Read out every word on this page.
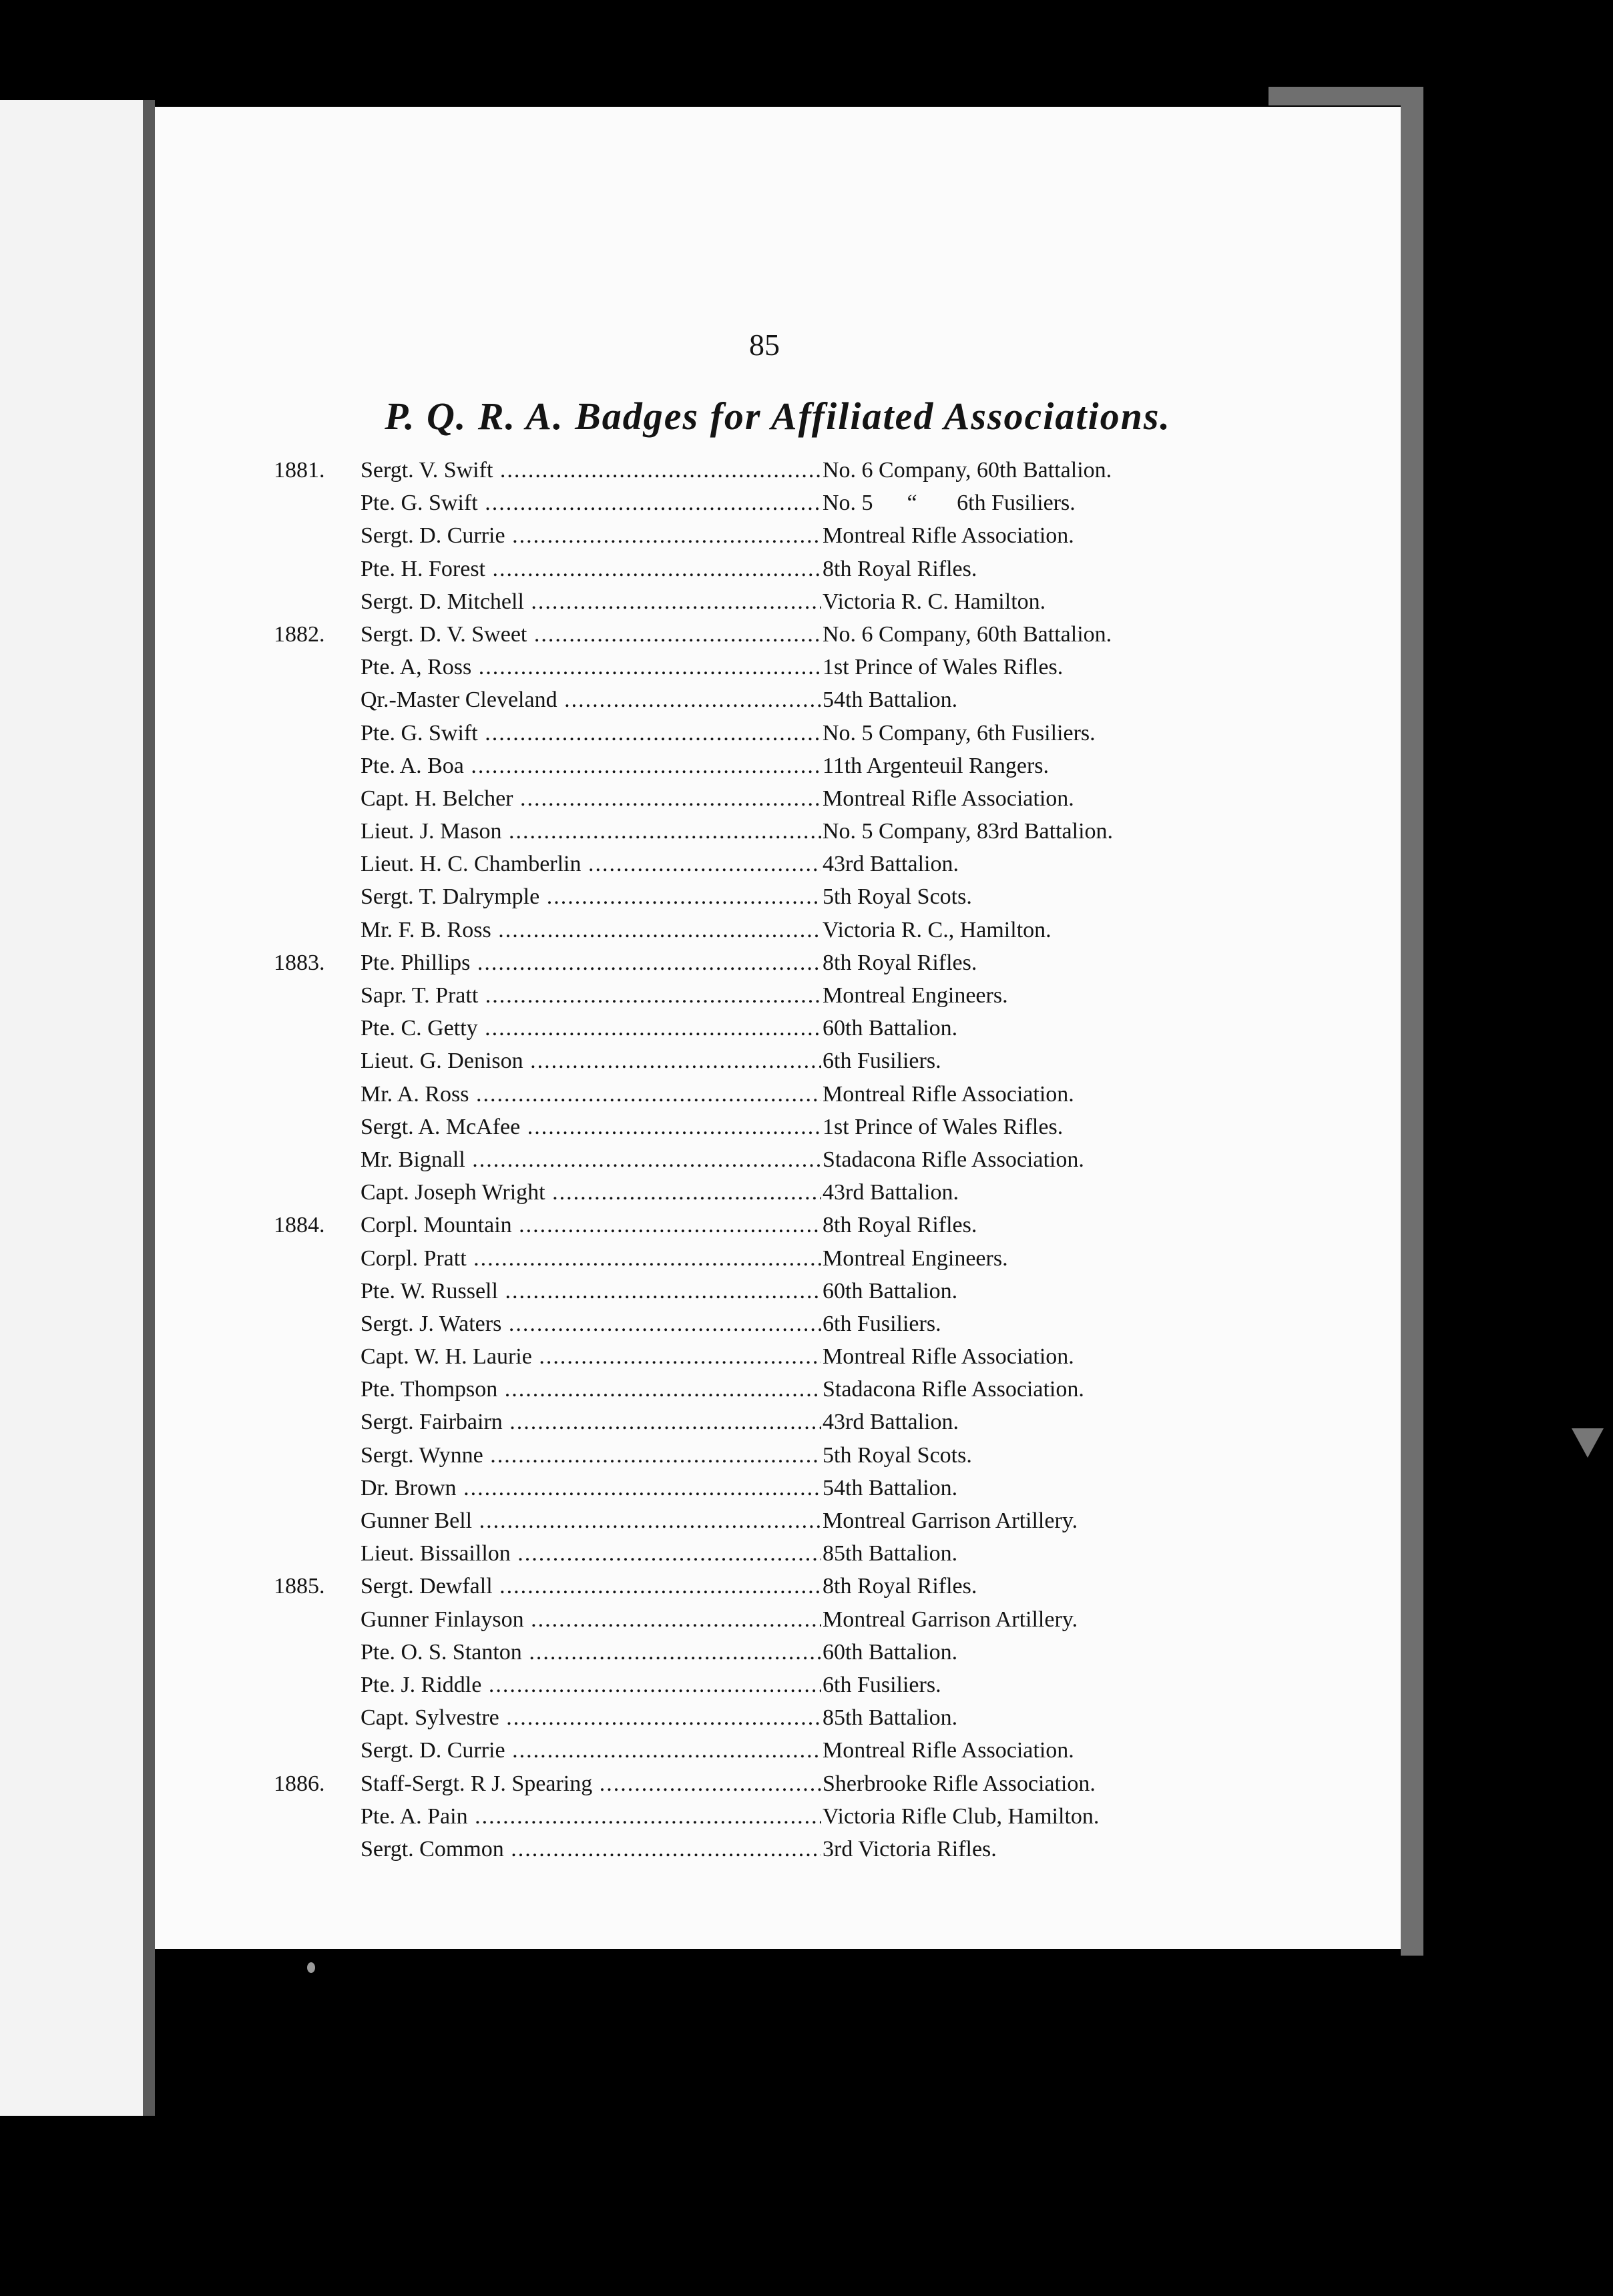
85
P. Q. R. A. Badges for Affiliated Associations.
1881.	Sergt. V. Swift .....	No. 6 Company, 60th Battalion.
Pte. G. Swift .....	No. 5      “       6th Fusiliers.
Sergt. D. Currie .....	Montreal Rifle Association.
Pte. H. Forest .....	8th Royal Rifles.
Sergt. D. Mitchell .....	Victoria R. C. Hamilton.
1882.	Sergt. D. V. Sweet .....	No. 6 Company, 60th Battalion.
Pte. A, Ross .....	1st Prince of Wales Rifles.
Qr.-Master Cleveland .....	54th Battalion.
Pte. G. Swift .....	No. 5 Company, 6th Fusiliers.
Pte. A. Boa .....	11th Argenteuil Rangers.
Capt. H. Belcher .....	Montreal Rifle Association.
Lieut. J. Mason .....	No. 5 Company, 83rd Battalion.
Lieut. H. C. Chamberlin .....	43rd Battalion.
Sergt. T. Dalrymple .....	5th Royal Scots.
Mr. F. B. Ross .....	Victoria R. C., Hamilton.
1883.	Pte. Phillips .....	8th Royal Rifles.
Sapr. T. Pratt .....	Montreal Engineers.
Pte. C. Getty .....	60th Battalion.
Lieut. G. Denison .....	6th Fusiliers.
Mr. A. Ross .....	Montreal Rifle Association.
Sergt. A. McAfee .....	1st Prince of Wales Rifles.
Mr. Bignall .....	Stadacona Rifle Association.
Capt. Joseph Wright .....	43rd Battalion.
1884.	Corpl. Mountain .....	8th Royal Rifles.
Corpl. Pratt .....	Montreal Engineers.
Pte. W. Russell .....	60th Battalion.
Sergt. J. Waters .....	6th Fusiliers.
Capt. W. H. Laurie .....	Montreal Rifle Association.
Pte. Thompson .....	Stadacona Rifle Association.
Sergt. Fairbairn .....	43rd Battalion.
Sergt. Wynne .....	5th Royal Scots.
Dr. Brown .....	54th Battalion.
Gunner Bell .....	Montreal Garrison Artillery.
Lieut. Bissaillon .....	85th Battalion.
1885.	Sergt. Dewfall .....	8th Royal Rifles.
Gunner Finlayson .....	Montreal Garrison Artillery.
Pte. O. S. Stanton .....	60th Battalion.
Pte. J. Riddle .....	6th Fusiliers.
Capt. Sylvestre .....	85th Battalion.
Sergt. D. Currie .....	Montreal Rifle Association.
1886.	Staff-Sergt. R J. Spearing .....	Sherbrooke Rifle Association.
Pte. A. Pain .....	Victoria Rifle Club, Hamilton.
Sergt. Common .....	3rd Victoria Rifles.
